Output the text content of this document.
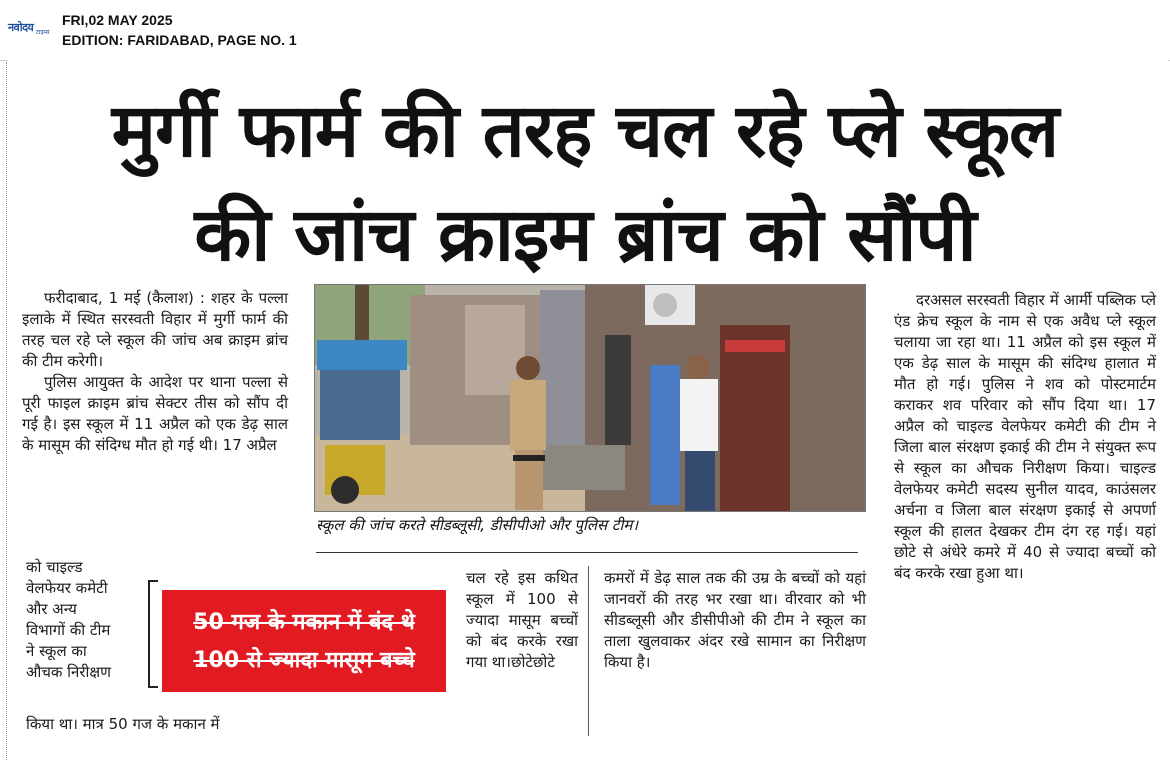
नवोदय टाइम्स
FRI,02 MAY 2025
EDITION: FARIDABAD, PAGE NO. 1
मुर्गी फार्म की तरह चल रहे प्ले स्कूल
की जांच क्राइम ब्रांच को सौंपी

फरीदाबाद, 1 मई (कैलाश) : शहर के पल्ला इलाके में स्थित सरस्वती विहार में मुर्गी फार्म की तरह चल रहे प्ले स्कूल की जांच अब क्राइम ब्रांच की टीम करेगी।

पुलिस आयुक्त के आदेश पर थाना पल्ला से पूरी फाइल क्राइम ब्रांच सेक्टर तीस को सौंप दी गई है। इस स्कूल में 11 अप्रैल को एक डेढ़ साल के मासूम की संदिग्ध मौत हो गई थी। 17 अप्रैल

को चाइल्ड
वेलफेयर कमेटी
और अन्य
विभागों की टीम
ने स्कूल का
औचक निरीक्षण
किया था। मात्र 50 गज के मकान में
50 गज के मकान में बंद थे
100 से ज्यादा मासूम बच्चे
स्कूल की जांच करते सीडब्लूसी, डीसीपीओ और पुलिस टीम।
चल रहे इस कथित स्कूल में 100 से ज्यादा मासूम बच्चों को बंद करके रखा गया था।छोटेछोटे
कमरों में डेढ़ साल तक की उम्र के बच्चों को यहां जानवरों की तरह भर रखा था। वीरवार को भी सीडब्लूसी और डीसीपीओ की टीम ने स्कूल का ताला खुलवाकर अंदर रखे सामान का निरीक्षण किया है।

दरअसल सरस्वती विहार में आर्मी पब्लिक प्ले एंड क्रेच स्कूल के नाम से एक अवैध प्ले स्कूल चलाया जा रहा था। 11 अप्रैल को इस स्कूल में एक डेढ़ साल के मासूम की संदिग्ध हालात में मौत हो गई। पुलिस ने शव को पोस्टमार्टम कराकर शव परिवार को सौंप दिया था। 17 अप्रैल को चाइल्ड वेलफेयर कमेटी की टीम ने जिला बाल संरक्षण इकाई की टीम ने संयुक्त रूप से स्कूल का औचक निरीक्षण किया। चाइल्ड वेलफेयर कमेटी सदस्य सुनील यादव, काउंसलर अर्चना व जिला बाल संरक्षण इकाई से अपर्णा स्कूल की हालत देखकर टीम दंग रह गई। यहां छोटे से अंधेरे कमरे में 40 से ज्यादा बच्चों को बंद करके रखा हुआ था।
